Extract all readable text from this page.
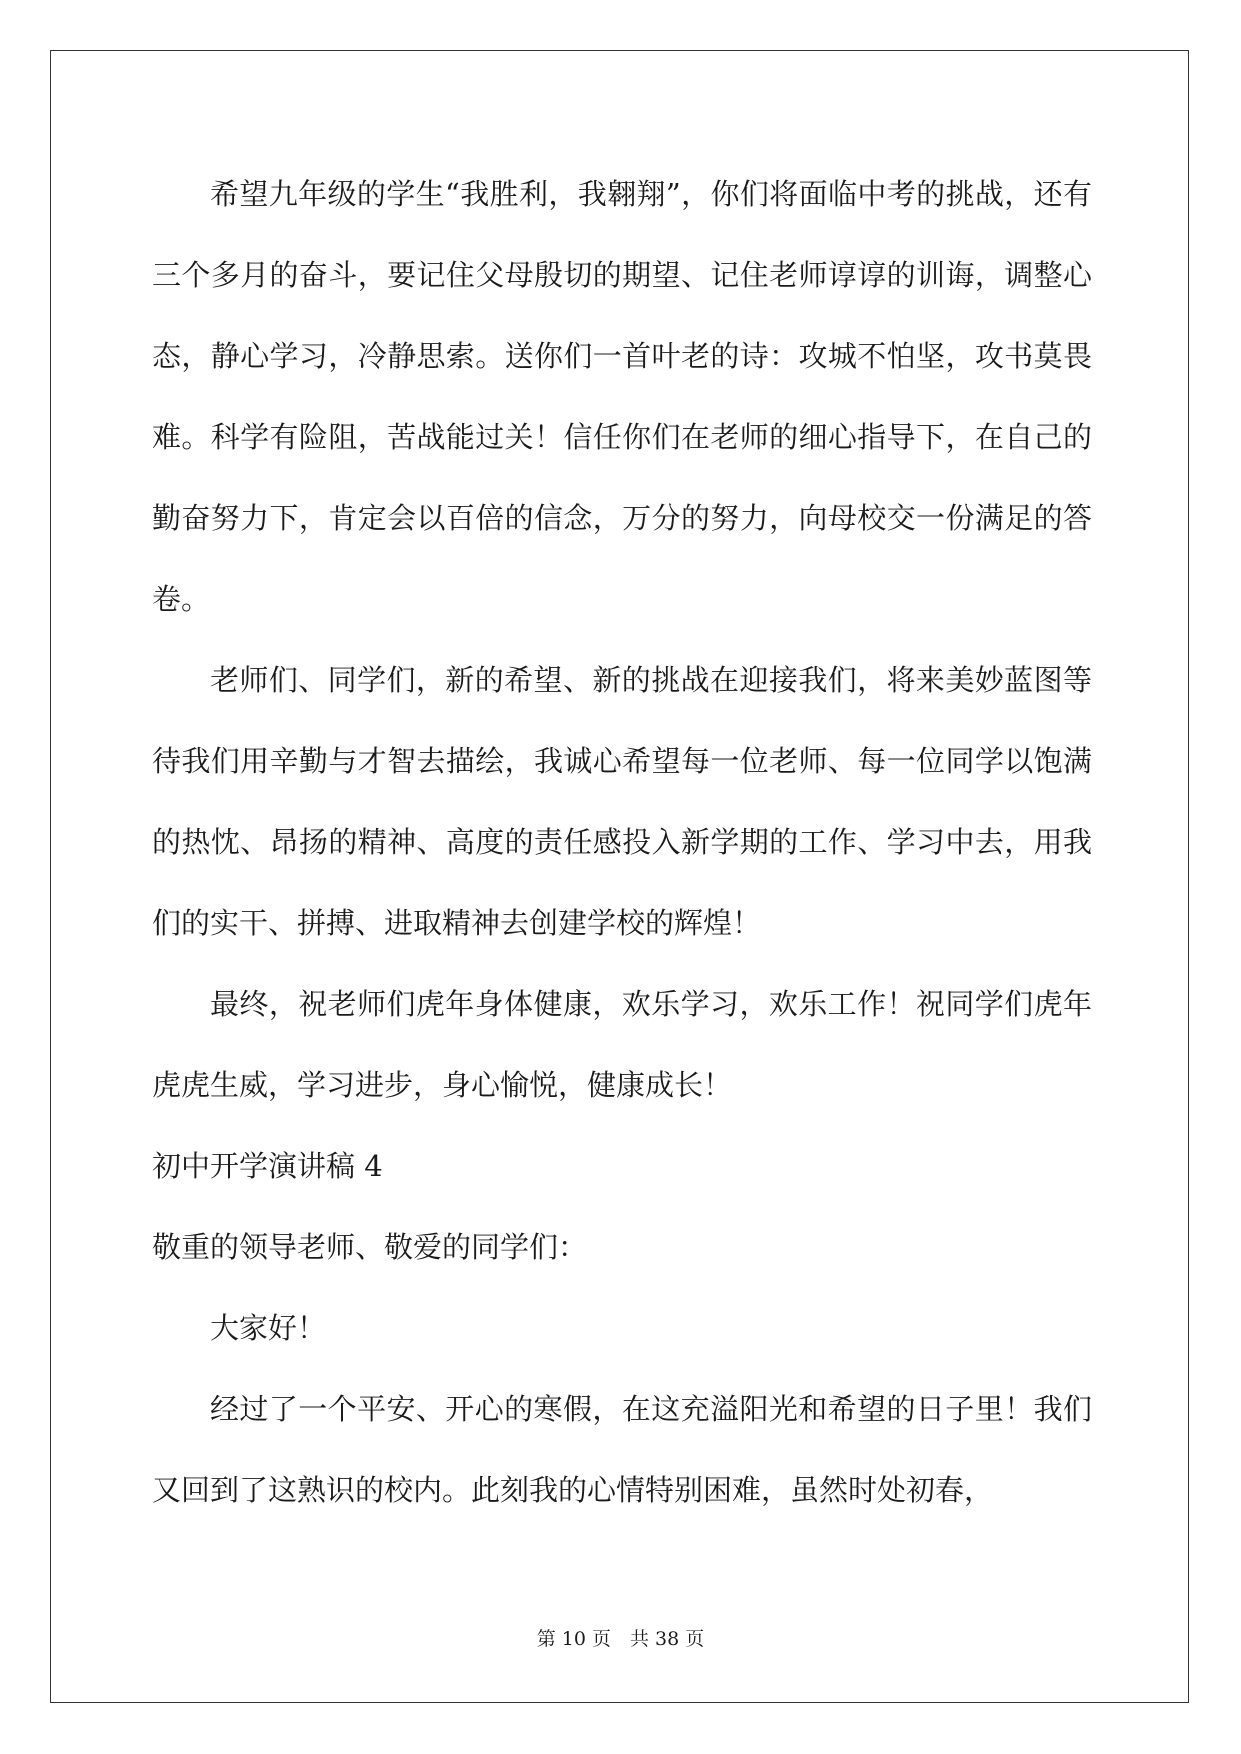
希望九年级的学生“我胜利，我翱翔”，你们将面临中考的挑战，还有三个多月的奋斗，要记住父母殷切的期望、记住老师谆谆的训诲，调整心态，静心学习，冷静思索。送你们一首叶老的诗：攻城不怕坚，攻书莫畏难。科学有险阻，苦战能过关！信任你们在老师的细心指导下，在自己的勤奋努力下，肯定会以百倍的信念，万分的努力，向母校交一份满足的答卷。

老师们、同学们，新的希望、新的挑战在迎接我们，将来美妙蓝图等待我们用辛勤与才智去描绘，我诚心希望每一位老师、每一位同学以饱满的热忱、昂扬的精神、高度的责任感投入新学期的工作、学习中去，用我们的实干、拼搏、进取精神去创建学校的辉煌！

最终，祝老师们虎年身体健康，欢乐学习，欢乐工作！祝同学们虎年虎虎生威，学习进步，身心愉悦，健康成长！

初中开学演讲稿 4

敬重的领导老师、敬爱的同学们：

大家好！

经过了一个平安、开心的寒假，在这充溢阳光和希望的日子里！我们又回到了这熟识的校内。此刻我的心情特别困难，虽然时处初春，

第 10 页　共 38 页
